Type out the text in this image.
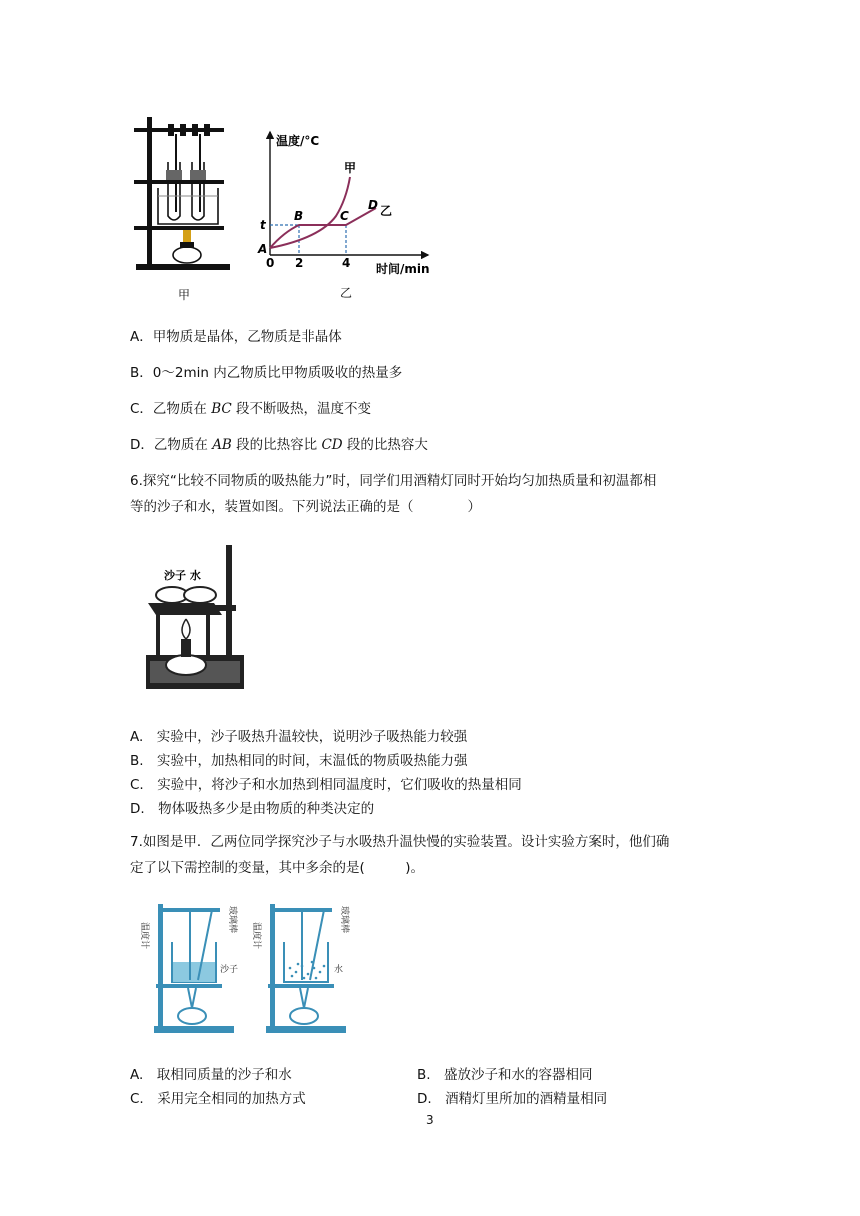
甲
温度/°C
时间/min
甲
乙
t
0 2	4
A
B	C
D
乙
A．甲物质是晶体，乙物质是非晶体
B．0～2min 内乙物质比甲物质吸收的热量多
C．乙物质在 BC 段不断吸热，温度不变
D．乙物质在 AB 段的比热容比 CD 段的比热容大
6.探究“比较不同物质的吸热能力”时，同学们用酒精灯同时开始均匀加热质量和初温都相
等的沙子和水，装置如图。下列说法正确的是（　　　　）
沙子 水
A.　实验中，沙子吸热升温较快，说明沙子吸热能力较强
B.　实验中，加热相同的时间，末温低的物质吸热能力强
C.　实验中，将沙子和水加热到相同温度时，它们吸收的热量相同
D.　物体吸热多少是由物质的种类决定的
7.如图是甲．乙两位同学探究沙子与水吸热升温快慢的实验装置。设计实验方案时，他们确
定了以下需控制的变量，其中多余的是(　　　)。
温度计
玻璃棒
沙子
温度计
玻璃棒
水
A.　取相同质量的沙子和水	B.　盛放沙子和水的容器相同
C.　采用完全相同的加热方式	D.　酒精灯里所加的酒精量相同
3
